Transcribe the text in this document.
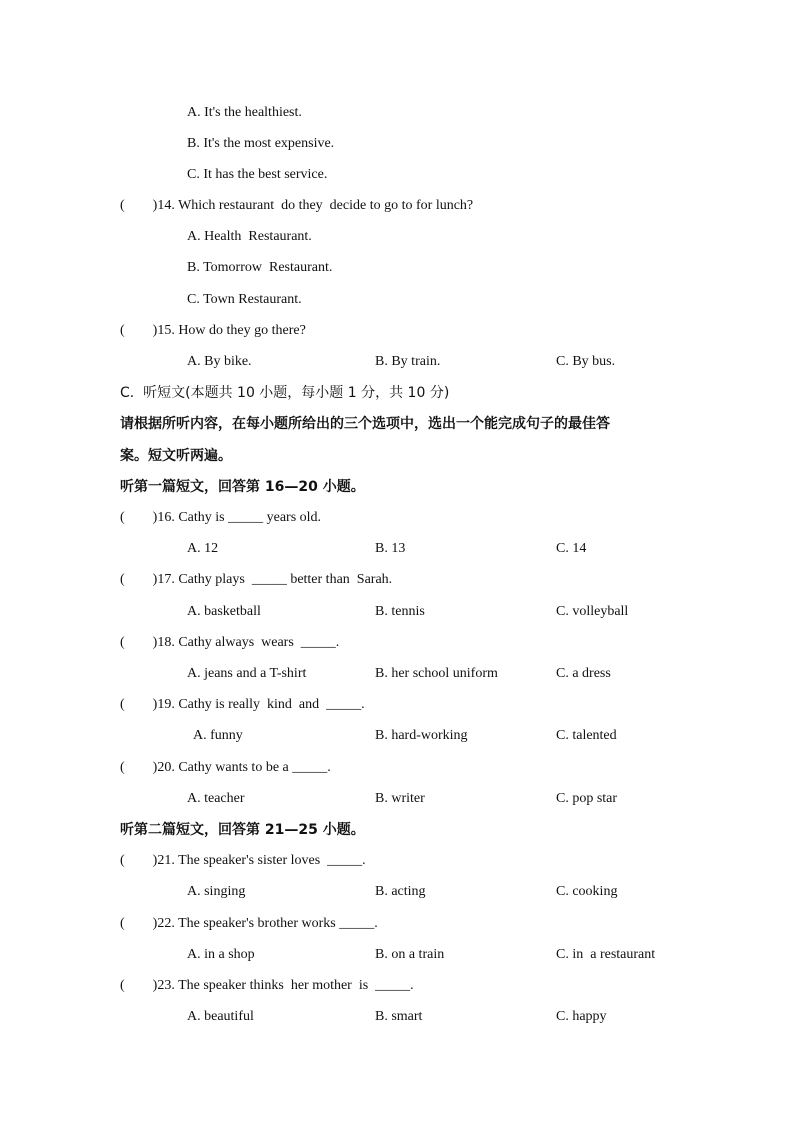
A. It's the healthiest.
B. It's the most expensive.
C. It has the best service.
(        )14. Which restaurant  do they  decide to go to for lunch?
A. Health  Restaurant.
B. Tomorrow  Restaurant.
C. Town Restaurant.
(        )15. How do they go there?
A. By bike.	B. By train.	C. By bus.
C.  听短文(本题共 10 小题，每小题 1 分，共 10 分)
请根据所听内容，在每小题所给出的三个选项中，选出一个能完成句子的最佳答
案。短文听两遍。
听第一篇短文，回答第 16—20 小题。
(        )16. Cathy is _____ years old.
A. 12	B. 13	C. 14
(        )17. Cathy plays  _____ better than  Sarah.
A. basketball	B. tennis	C. volleyball
(        )18. Cathy always  wears  _____.
A. jeans and a T-shirt	B. her school uniform	C. a dress
(        )19. Cathy is really  kind  and  _____.
A. funny	B. hard-working	C. talented
(        )20. Cathy wants to be a _____.
A. teacher	B. writer	C. pop star
听第二篇短文，回答第 21—25 小题。
(        )21. The speaker's sister loves  _____.
A. singing	B. acting	C. cooking
(        )22. The speaker's brother works _____.
A. in a shop	B. on a train	C. in  a restaurant
(        )23. The speaker thinks  her mother  is  _____.
A. beautiful	B. smart	C. happy
